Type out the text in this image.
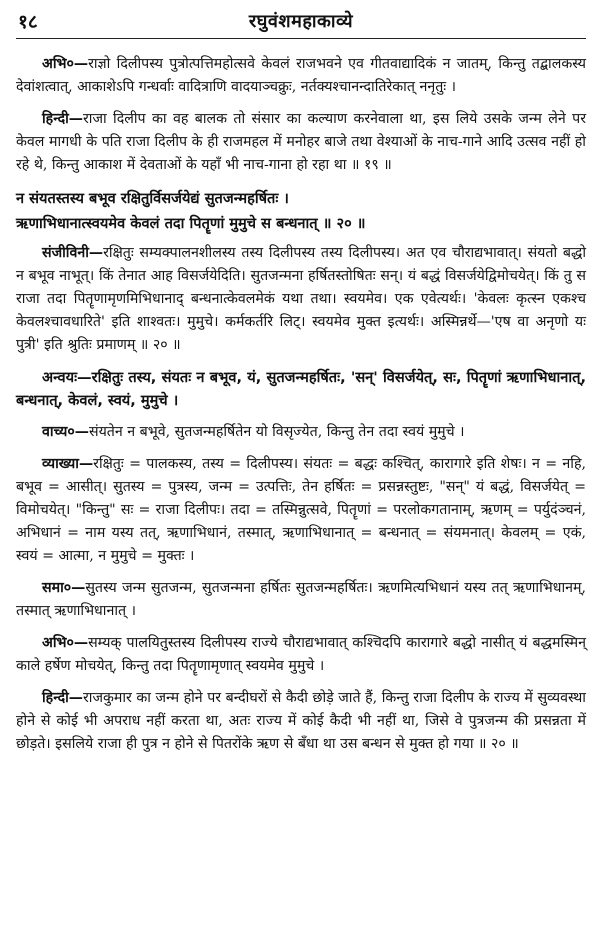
१८	रघुवंशमहाकाव्ये

अभि०—राज्ञो दिलीपस्य पुत्रोत्पत्तिमहोत्सवे केवलं राजभवने एव गीतवाद्यादिकं न जातम्, किन्तु तद्बालकस्य देवांशत्वात्, आकाशेऽपि गन्धर्वाः वादित्राणि वादयाञ्चक्रुः, नर्तक्यश्चानन्दातिरेकात् ननृतुः ।

हिन्दी—राजा दिलीप का वह बालक तो संसार का कल्याण करनेवाला था, इस लिये उसके जन्म लेने पर केवल मागधी के पति राजा दिलीप के ही राजमहल में मनोहर बाजे तथा वेश्याओं के नाच-गाने आदि उत्सव नहीं हो रहे थे, किन्तु आकाश में देवताओं के यहाँ भी नाच-गाना हो रहा था ॥ १९ ॥

न संयतस्तस्य बभूव रक्षितुर्विसर्जयेद्यं सुतजन्महर्षितः ।
ऋणाभिधानात्स्वयमेव केवलं तदा पितॄणां मुमुचे स बन्धनात् ॥ २० ॥

संजीविनी—रक्षितुः सम्यक्पालनशीलस्य तस्य दिलीपस्य तस्य दिलीपस्य। अत एव चौराद्यभावात्। संयतो बद्धो न बभूव नाभूत्। किं तेनात आह विसर्जयेदिति। सुतजन्मना हर्षितस्तोषितः सन्। यं बद्धं विसर्जयेद्विमोचयेत्। किं तु स राजा तदा पितॄणामृणमिभिधानाद् बन्धनात्केवलमेकं यथा तथा। स्वयमेव। एक एवेत्यर्थः। 'केवलः कृत्स्न एकश्च केवलश्चावधारिते' इति शाश्वतः। मुमुचे। कर्मकर्तरि लिट्। स्वयमेव मुक्त इत्यर्थः। अस्मिन्नर्थे—'एष वा अनृणो यः पुत्री' इति श्रुतिः प्रमाणम् ॥ २० ॥

अन्वयः—रक्षितुः तस्य, संयतः न बभूव, यं, सुतजन्महर्षितः, 'सन्' विसर्जयेत्, सः, पितॄणां ऋणाभिधानात्, बन्धनात्, केवलं, स्वयं, मुमुचे ।

वाच्य०—संयतेन न बभूवे, सुतजन्महर्षितेन यो विसृज्येत, किन्तु तेन तदा स्वयं मुमुचे ।

व्याख्या—रक्षितुः = पालकस्य, तस्य = दिलीपस्य। संयतः = बद्धः कश्चित्, कारागारे इति शेषः। न = नहि, बभूव = आसीत्। सुतस्य = पुत्रस्य, जन्म = उत्पत्तिः, तेन हर्षितः = प्रसन्नस्तुष्टः, "सन्" यं बद्धं, विसर्जयेत् = विमोचयेत्। "किन्तु" सः = राजा दिलीपः। तदा = तस्मिन्नुत्सवे, पितॄणां = परलोकगतानाम्, ऋणम् = पर्युदंञ्चनं, अभिधानं = नाम यस्य तत्, ऋणाभिधानं, तस्मात्, ऋणाभिधानात् = बन्धनात् = संयमनात्। केवलम् = एकं, स्वयं = आत्मा, न मुमुचे = मुक्तः ।

समा०—सुतस्य जन्म सुतजन्म, सुतजन्मना हर्षितः सुतजन्महर्षितः। ऋणमित्यभिधानं यस्य तत् ऋणाभिधानम्, तस्मात् ऋणाभिधानात् ।

अभि०—सम्यक् पालयितुस्तस्य दिलीपस्य राज्ये चौराद्यभावात् कश्चिदपि कारागारे बद्धो नासीत् यं बद्धमस्मिन् काले हर्षेण मोचयेत्, किन्तु तदा पितॄणामृणात् स्वयमेव मुमुचे ।

हिन्दी—राजकुमार का जन्म होने पर बन्दीघरों से कैदी छोड़े जाते हैं, किन्तु राजा दिलीप के राज्य में सुव्यवस्था होने से कोई भी अपराध नहीं करता था, अतः राज्य में कोई कैदी भी नहीं था, जिसे वे पुत्रजन्म की प्रसन्नता में छोड़ते। इसलिये राजा ही पुत्र न होने से पितरोंके ऋण से बँधा था उस बन्धन से मुक्त हो गया ॥ २० ॥
